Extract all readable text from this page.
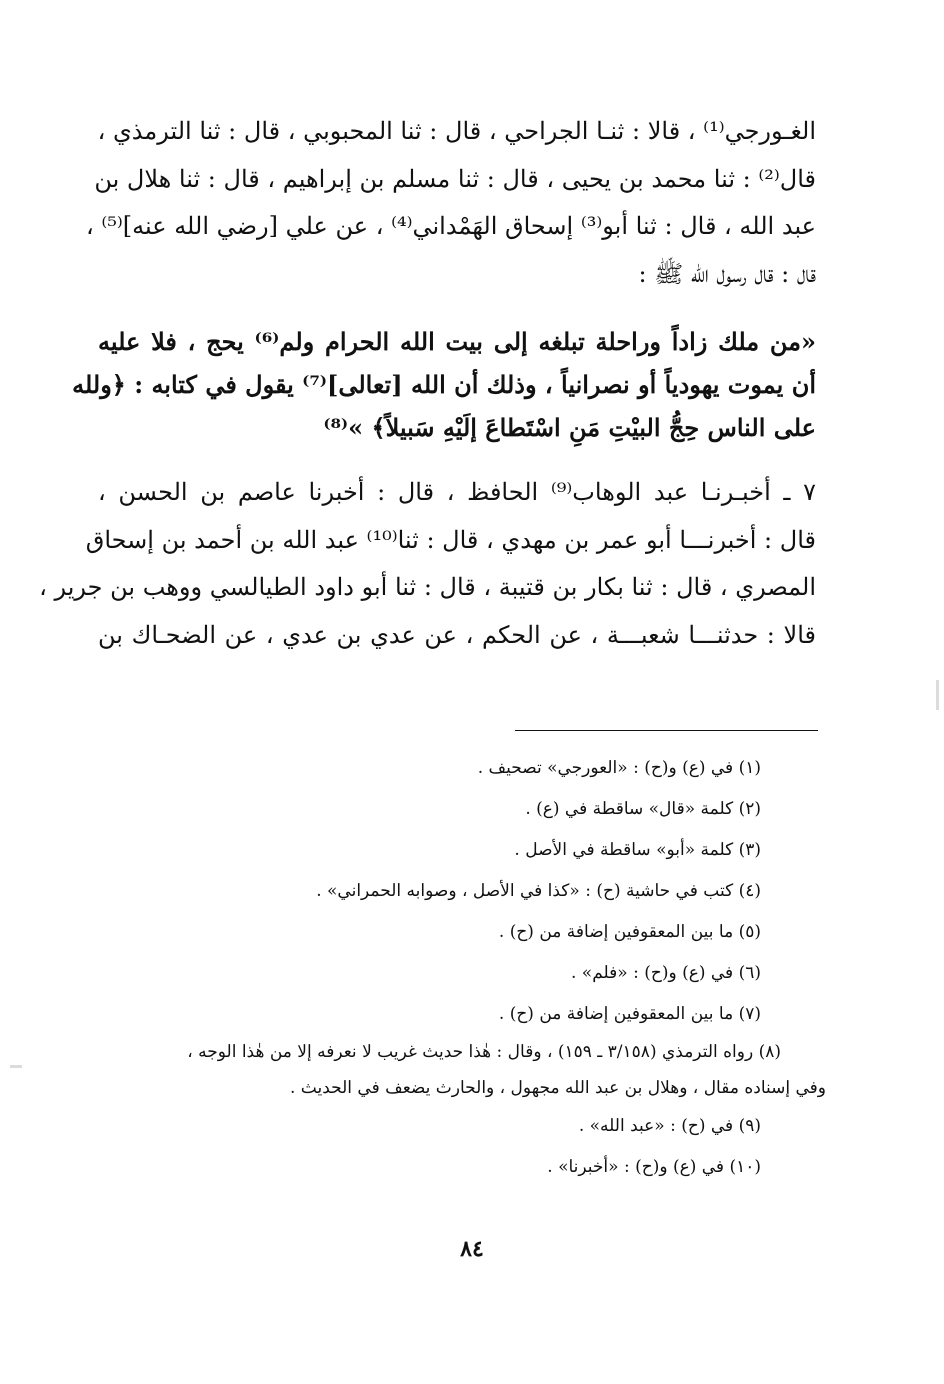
الغـورجي⁽¹⁾ ، قالا : ثنـا الجراحي ، قال : ثنا المحبوبي ، قال : ثنا الترمذي ،
قال⁽²⁾ : ثنا محمد بن يحيى ، قال : ثنا مسلم بن إبراهيم ، قال : ثنا هلال بن
عبد الله ، قال : ثنا أبو⁽³⁾ إسحاق الهَمْداني⁽⁴⁾ ، عن علي [رضي الله عنه]⁽⁵⁾ ،
قال : قال رسول الله ﷺ :
«من ملك زاداً وراحلة تبلغه إلى بيت الله الحرام ولم⁽⁶⁾ يحج ، فلا عليه
أن يموت يهودياً أو نصرانياً ، وذلك أن الله [تعالى]⁽⁷⁾ يقول في كتابه : ﴿ولله
على الناس حِجُّ البيْتِ مَنِ اسْتَطاعَ إلَيْهِ سَبيلاً﴾ »⁽⁸⁾
٧ ـ أخبـرنـا عبد الوهاب⁽⁹⁾ الحافظ ، قال : أخبرنا عاصم بن الحسن ،
قال : أخبرنـــا أبو عمر بن مهدي ، قال : ثنا⁽¹⁰⁾ عبد الله بن أحمد بن إسحاق
المصري ، قال : ثنا بكار بن قتيبة ، قال : ثنا أبو داود الطيالسي ووهب بن جرير ،
قالا : حدثنـــا شعبـــة ، عن الحكم ، عن عدي بن عدي ، عن الضحـاك بن
(١) في (ع) و(ح) : «العورجي» تصحيف .
(٢) كلمة «قال» ساقطة في (ع) .
(٣) كلمة «أبو» ساقطة في الأصل .
(٤) كتب في حاشية (ح) : «كذا في الأصل ، وصوابه الحمراني» .
(٥) ما بين المعقوفين إضافة من (ح) .
(٦) في (ع) و(ح) : «فلم» .
(٧) ما بين المعقوفين إضافة من (ح) .
(٨) رواه الترمذي (٣/١٥٨ ـ ١٥٩) ، وقال : هٰذا حديث غريب لا نعرفه إلا من هٰذا الوجه ،
وفي إسناده مقال ، وهلال بن عبد الله مجهول ، والحارث يضعف في الحديث .
(٩) في (ح) : «عبد الله» .
(١٠) في (ع) و(ح) : «أخبرنا» .
٨٤
